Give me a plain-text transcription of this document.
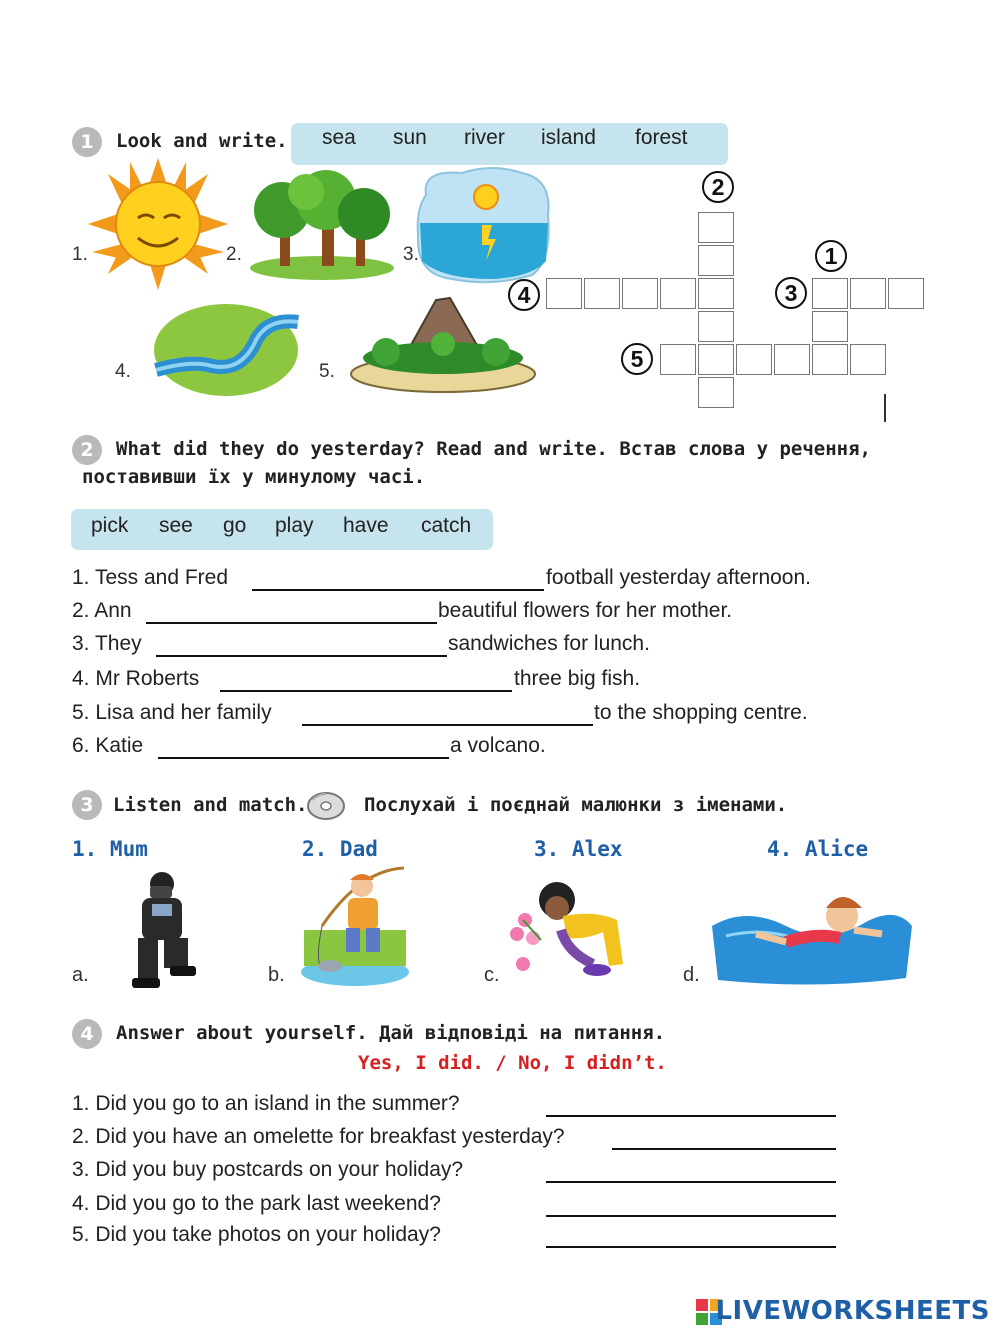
1	Look and write. sea sun river island forest
1.	2.	3.
4.	5.
2
1
4	3
5
2	What did they do yesterday? Read and write. Встав слова у речення,
поставивши їх у минулому часі.
pick see go play have catch
1. Tess and Fred	football yesterday afternoon.
2. Ann	beautiful flowers for her mother.
3. They	sandwiches for lunch.
4. Mr Roberts	three big fish.
5. Lisa and her family	to the shopping centre.
6. Katie	a volcano.
3	Listen and match.	Послухай і поєднай малюнки з іменами.
1. Mum	2. Dad	3. Alex	4. Alice
a.	b.	c.	d.
4	Answer about yourself. Дай відповіді на питання.
Yes, I did. / No, I didn’t.
1. Did you go to an island in the summer?
2. Did you have an omelette for breakfast yesterday?
3. Did you buy postcards on your holiday?
4. Did you go to the park last weekend?
5. Did you take photos on your holiday?
LIVEWORKSHEETS
